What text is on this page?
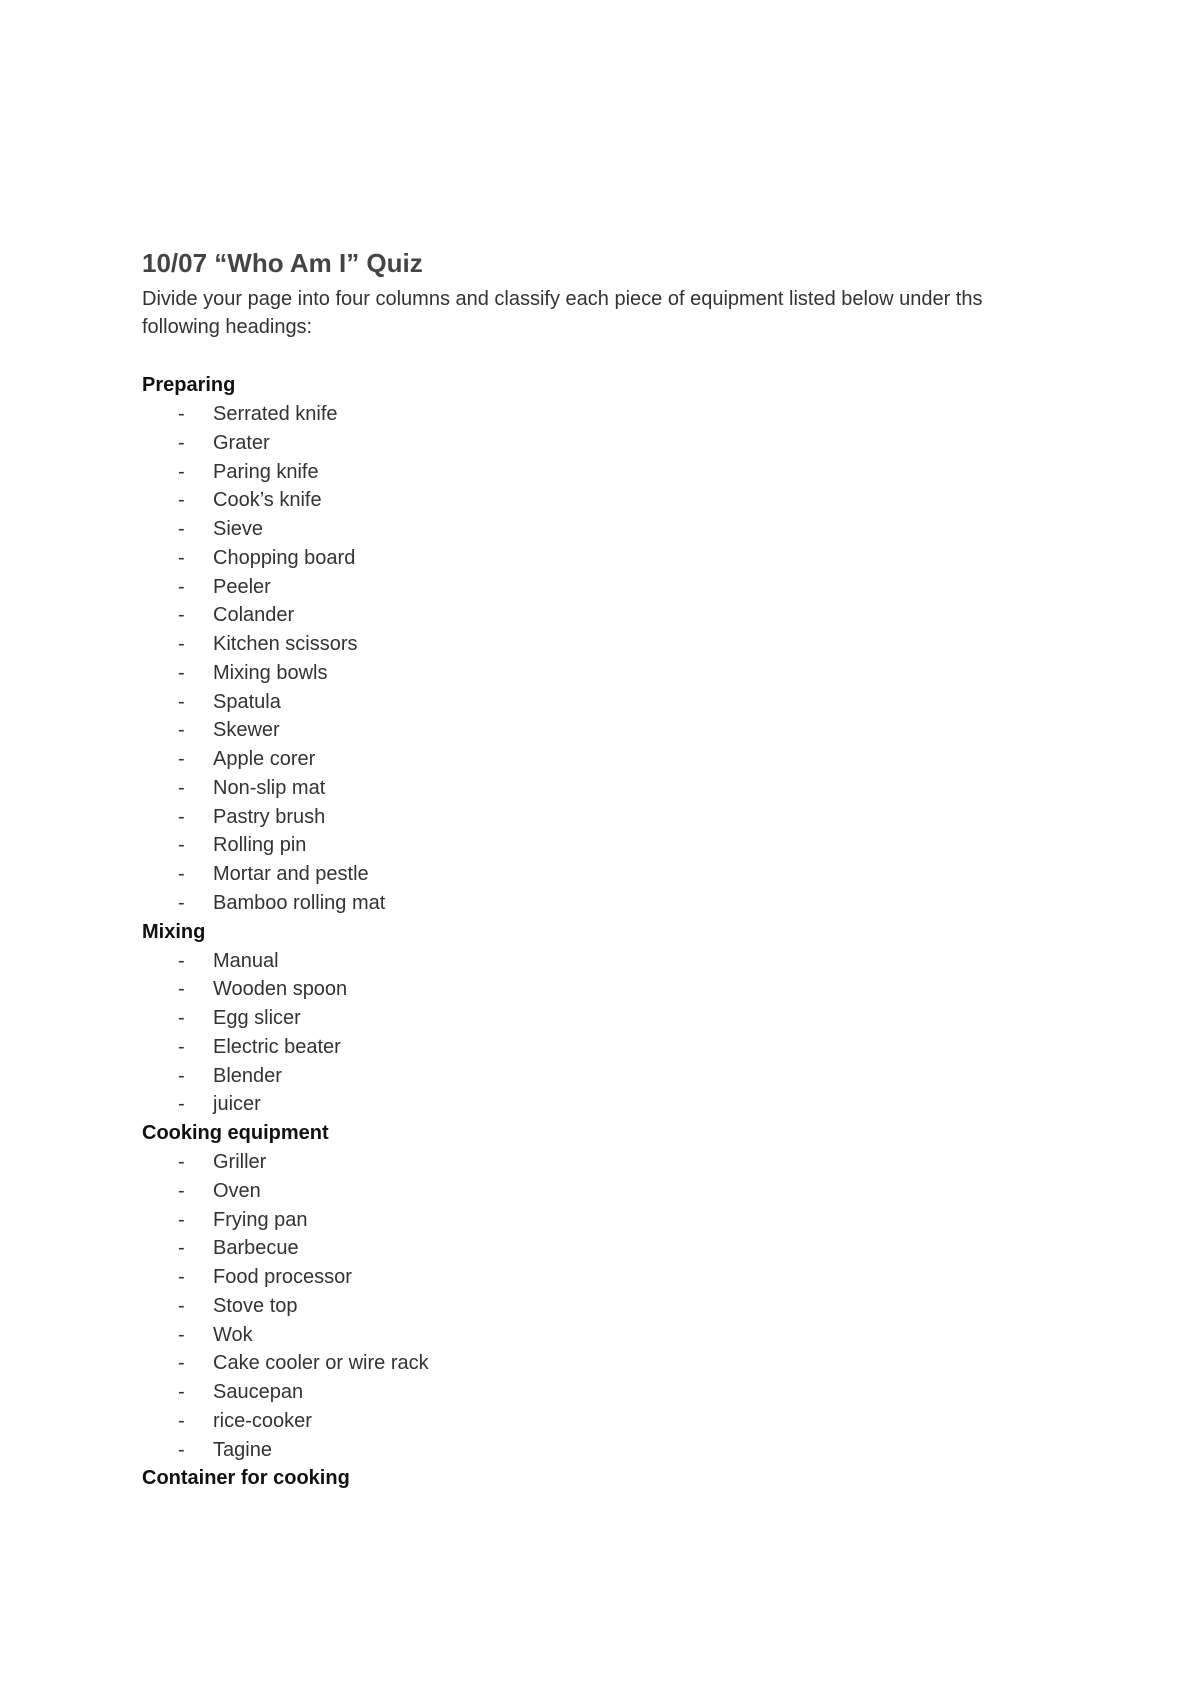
10/07 “Who Am I” Quiz

Divide your page into four columns and classify each piece of equipment listed below under ths following headings:

Preparing
- Serrated knife
- Grater
- Paring knife
- Cook’s knife
- Sieve
- Chopping board
- Peeler
- Colander
- Kitchen scissors
- Mixing bowls
- Spatula
- Skewer
- Apple corer
- Non-slip mat
- Pastry brush
- Rolling pin
- Mortar and pestle
- Bamboo rolling mat
Mixing
- Manual
- Wooden spoon
- Egg slicer
- Electric beater
- Blender
- juicer
Cooking equipment
- Griller
- Oven
- Frying pan
- Barbecue
- Food processor
- Stove top
- Wok
- Cake cooler or wire rack
- Saucepan
- rice-cooker
- Tagine
Container for cooking
